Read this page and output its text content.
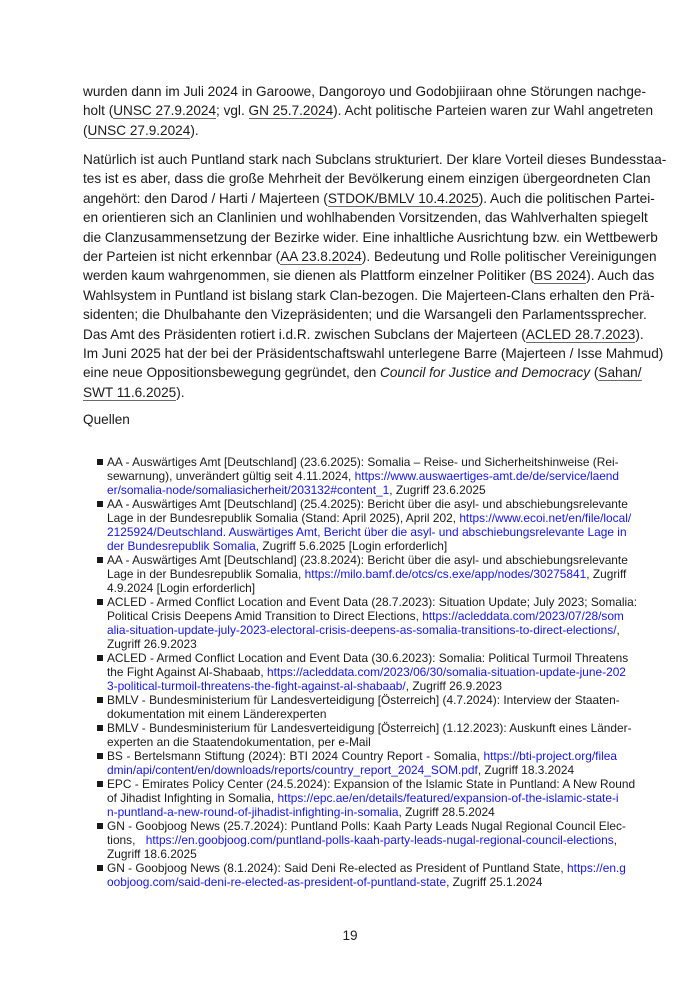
wurden dann im Juli 2024 in Garoowe, Dangoroyo und Godobjiiraan ohne Störungen nachge-
holt (UNSC 27.9.2024; vgl. GN 25.7.2024). Acht politische Parteien waren zur Wahl angetreten
(UNSC 27.9.2024).
Natürlich ist auch Puntland stark nach Subclans strukturiert. Der klare Vorteil dieses Bundesstaa-
tes ist es aber, dass die große Mehrheit der Bevölkerung einem einzigen übergeordneten Clan
angehört: den Darod / Harti / Majerteen (STDOK/BMLV 10.4.2025). Auch die politischen Partei-
en orientieren sich an Clanlinien und wohlhabenden Vorsitzenden, das Wahlverhalten spiegelt
die Clanzusammensetzung der Bezirke wider. Eine inhaltliche Ausrichtung bzw. ein Wettbewerb
der Parteien ist nicht erkennbar (AA 23.8.2024). Bedeutung und Rolle politischer Vereinigungen
werden kaum wahrgenommen, sie dienen als Plattform einzelner Politiker (BS 2024). Auch das
Wahlsystem in Puntland ist bislang stark Clan-bezogen. Die Majerteen-Clans erhalten den Prä-
sidenten; die Dhulbahante den Vizepräsidenten; und die Warsangeli den Parlamentssprecher.
Das Amt des Präsidenten rotiert i.d.R. zwischen Subclans der Majerteen (ACLED 28.7.2023).
Im Juni 2025 hat der bei der Präsidentschaftswahl unterlegene Barre (Majerteen / Isse Mahmud)
eine neue Oppositionsbewegung gegründet, den Council for Justice and Democracy (Sahan/
SWT 11.6.2025).
Quellen
AA - Auswärtiges Amt [Deutschland] (23.6.2025): Somalia – Reise- und Sicherheitshinweise (Rei-
sewarnung), unverändert gültig seit 4.11.2024, https://www.auswaertiges-amt.de/de/service/laend
er/somalia-node/somaliasicherheit/203132#content_1, Zugriff 23.6.2025
AA - Auswärtiges Amt [Deutschland] (25.4.2025): Bericht über die asyl- und abschiebungsrelevante
Lage in der Bundesrepublik Somalia (Stand: April 2025), April 202, https://www.ecoi.net/en/file/local/
2125924/Deutschland. Auswärtiges Amt, Bericht über die asyl- und abschiebungsrelevante Lage in
der Bundesrepublik Somalia, Zugriff 5.6.2025 [Login erforderlich]
AA - Auswärtiges Amt [Deutschland] (23.8.2024): Bericht über die asyl- und abschiebungsrelevante
Lage in der Bundesrepublik Somalia, https://milo.bamf.de/otcs/cs.exe/app/nodes/30275841, Zugriff
4.9.2024 [Login erforderlich]
ACLED - Armed Conflict Location and Event Data (28.7.2023): Situation Update; July 2023; Somalia:
Political Crisis Deepens Amid Transition to Direct Elections, https://acleddata.com/2023/07/28/som
alia-situation-update-july-2023-electoral-crisis-deepens-as-somalia-transitions-to-direct-elections/,
Zugriff 26.9.2023
ACLED - Armed Conflict Location and Event Data (30.6.2023): Somalia: Political Turmoil Threatens
the Fight Against Al-Shabaab, https://acleddata.com/2023/06/30/somalia-situation-update-june-202
3-political-turmoil-threatens-the-fight-against-al-shabaab/, Zugriff 26.9.2023
BMLV - Bundesministerium für Landesverteidigung [Österreich] (4.7.2024): Interview der Staaten-
dokumentation mit einem Länderexperten
BMLV - Bundesministerium für Landesverteidigung [Österreich] (1.12.2023): Auskunft eines Länder-
experten an die Staatendokumentation, per e-Mail
BS - Bertelsmann Stiftung (2024): BTI 2024 Country Report - Somalia, https://bti-project.org/filea
dmin/api/content/en/downloads/reports/country_report_2024_SOM.pdf, Zugriff 18.3.2024
EPC - Emirates Policy Center (24.5.2024): Expansion of the Islamic State in Puntland: A New Round
of Jihadist Infighting in Somalia, https://epc.ae/en/details/featured/expansion-of-the-islamic-state-i
n-puntland-a-new-round-of-jihadist-infighting-in-somalia, Zugriff 28.5.2024
GN - Goobjoog News (25.7.2024): Puntland Polls: Kaah Party Leads Nugal Regional Council Elec-
tions, https://en.goobjoog.com/puntland-polls-kaah-party-leads-nugal-regional-council-elections,
Zugriff 18.6.2025
GN - Goobjoog News (8.1.2024): Said Deni Re-elected as President of Puntland State, https://en.g
oobjoog.com/said-deni-re-elected-as-president-of-puntland-state, Zugriff 25.1.2024
19
